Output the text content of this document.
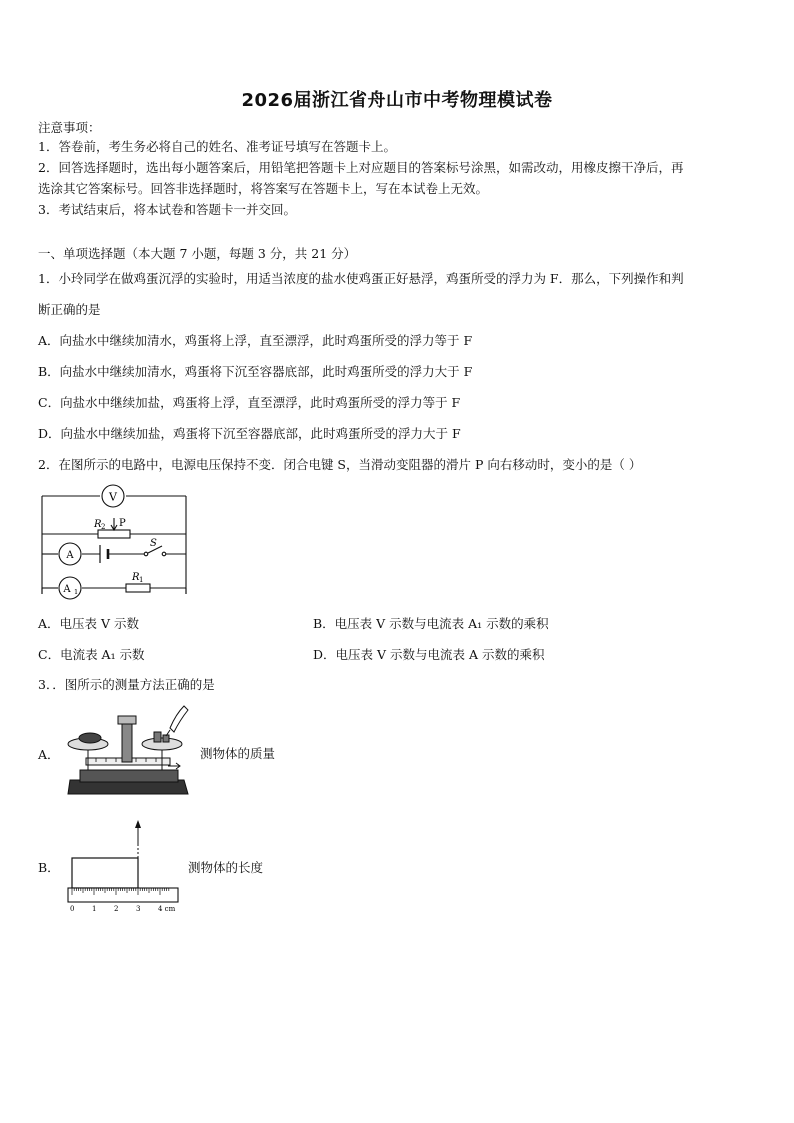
2026届浙江省舟山市中考物理模试卷
注意事项：
1．答卷前，考生务必将自己的姓名、准考证号填写在答题卡上。
2．回答选择题时，选出每小题答案后，用铅笔把答题卡上对应题目的答案标号涂黑，如需改动，用橡皮擦干净后，再
选涂其它答案标号。回答非选择题时，将答案写在答题卡上，写在本试卷上无效。
3．考试结束后，将本试卷和答题卡一并交回。
一、单项选择题（本大题 7 小题，每题 3 分，共 21 分）
1．小玲同学在做鸡蛋沉浮的实验时，用适当浓度的盐水使鸡蛋正好悬浮，鸡蛋所受的浮力为 F．那么，下列操作和判
断正确的是
A．向盐水中继续加清水，鸡蛋将上浮，直至漂浮，此时鸡蛋所受的浮力等于 F
B．向盐水中继续加清水，鸡蛋将下沉至容器底部，此时鸡蛋所受的浮力大于 F
C．向盐水中继续加盐，鸡蛋将上浮，直至漂浮，此时鸡蛋所受的浮力等于 F
D．向盐水中继续加盐，鸡蛋将下沉至容器底部，此时鸡蛋所受的浮力大于 F
2．在图所示的电路中，电源电压保持不变．闭合电键 S，当滑动变阻器的滑片 P 向右移动时，变小的是（ ）
V
R 2 P
A
S
A 1
R 1
A．电压表 V 示数	B．电压表 V 示数与电流表 A₁ 示数的乘积
C．电流表 A₁ 示数	D．电压表 V 示数与电流表 A 示数的乘积
3．．图所示的测量方法正确的是
A．	测物体的质量
B．
0	1	2	3	4 cm
测物体的长度
